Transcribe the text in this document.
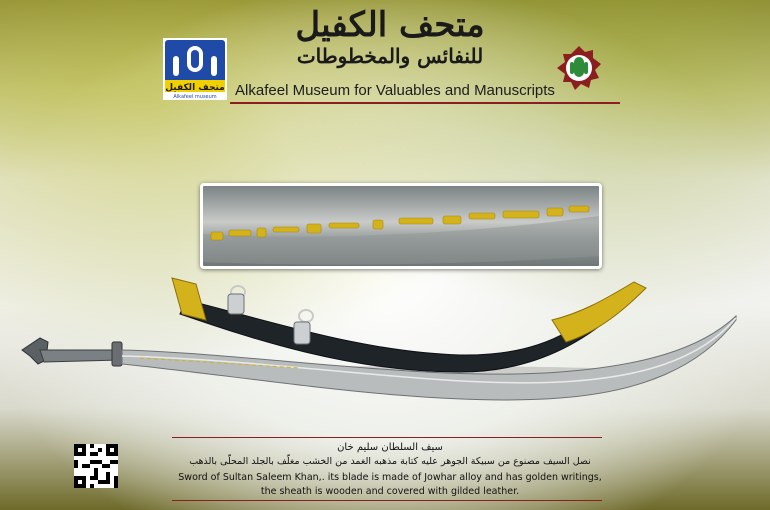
متحف الكفيل
Alkafeel museum
متحف الكفيل
للنفائس والمخطوطات
Alkafeel Museum for Valuables and Manuscripts
بسم الله الرحمن الرحيم نصر من الله وفتح قريب
سيف السلطان سليم خان
نصل السيف مصنوع من سبيكة الجوهر عليه كتابة مذهبه الغمد من الخشب مغلّف بالجلد المحلّى بالذهب
Sword of Sultan Saleem Khan,. its blade is made of Jowhar alloy and has golden writings,
the sheath is wooden and covered with gilded leather.
